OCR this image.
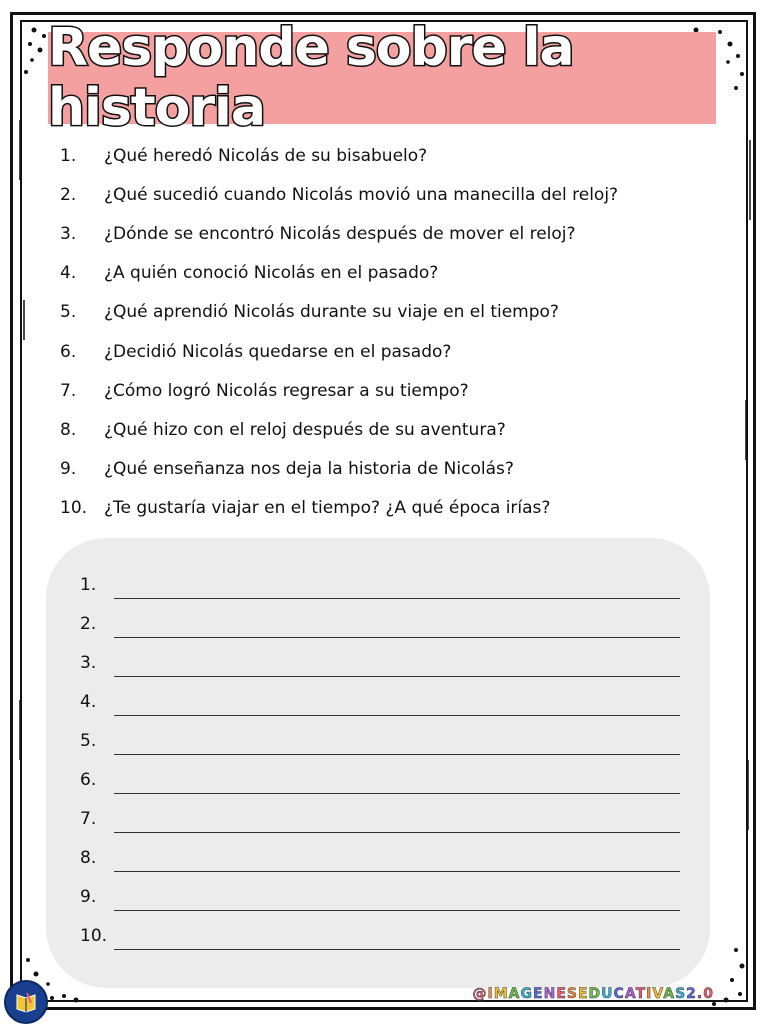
Responde sobre la historia
1.	¿Qué heredó Nicolás de su bisabuelo?
2.	¿Qué sucedió cuando Nicolás movió una manecilla del reloj?
3.	¿Dónde se encontró Nicolás después de mover el reloj?
4.	¿A quién conoció Nicolás en el pasado?
5.	¿Qué aprendió Nicolás durante su viaje en el tiempo?
6.	¿Decidió Nicolás quedarse en el pasado?
7.	¿Cómo logró Nicolás regresar a su tiempo?
8.	¿Qué hizo con el reloj después de su aventura?
9.	¿Qué enseñanza nos deja la historia de Nicolás?
10. ¿Te gustaría viajar en el tiempo? ¿A qué época irías?
1.
2.
3.
4.
5.
6.
7.
8.
9.
10.
@IMAGENESEDUCATIVAS2.0
